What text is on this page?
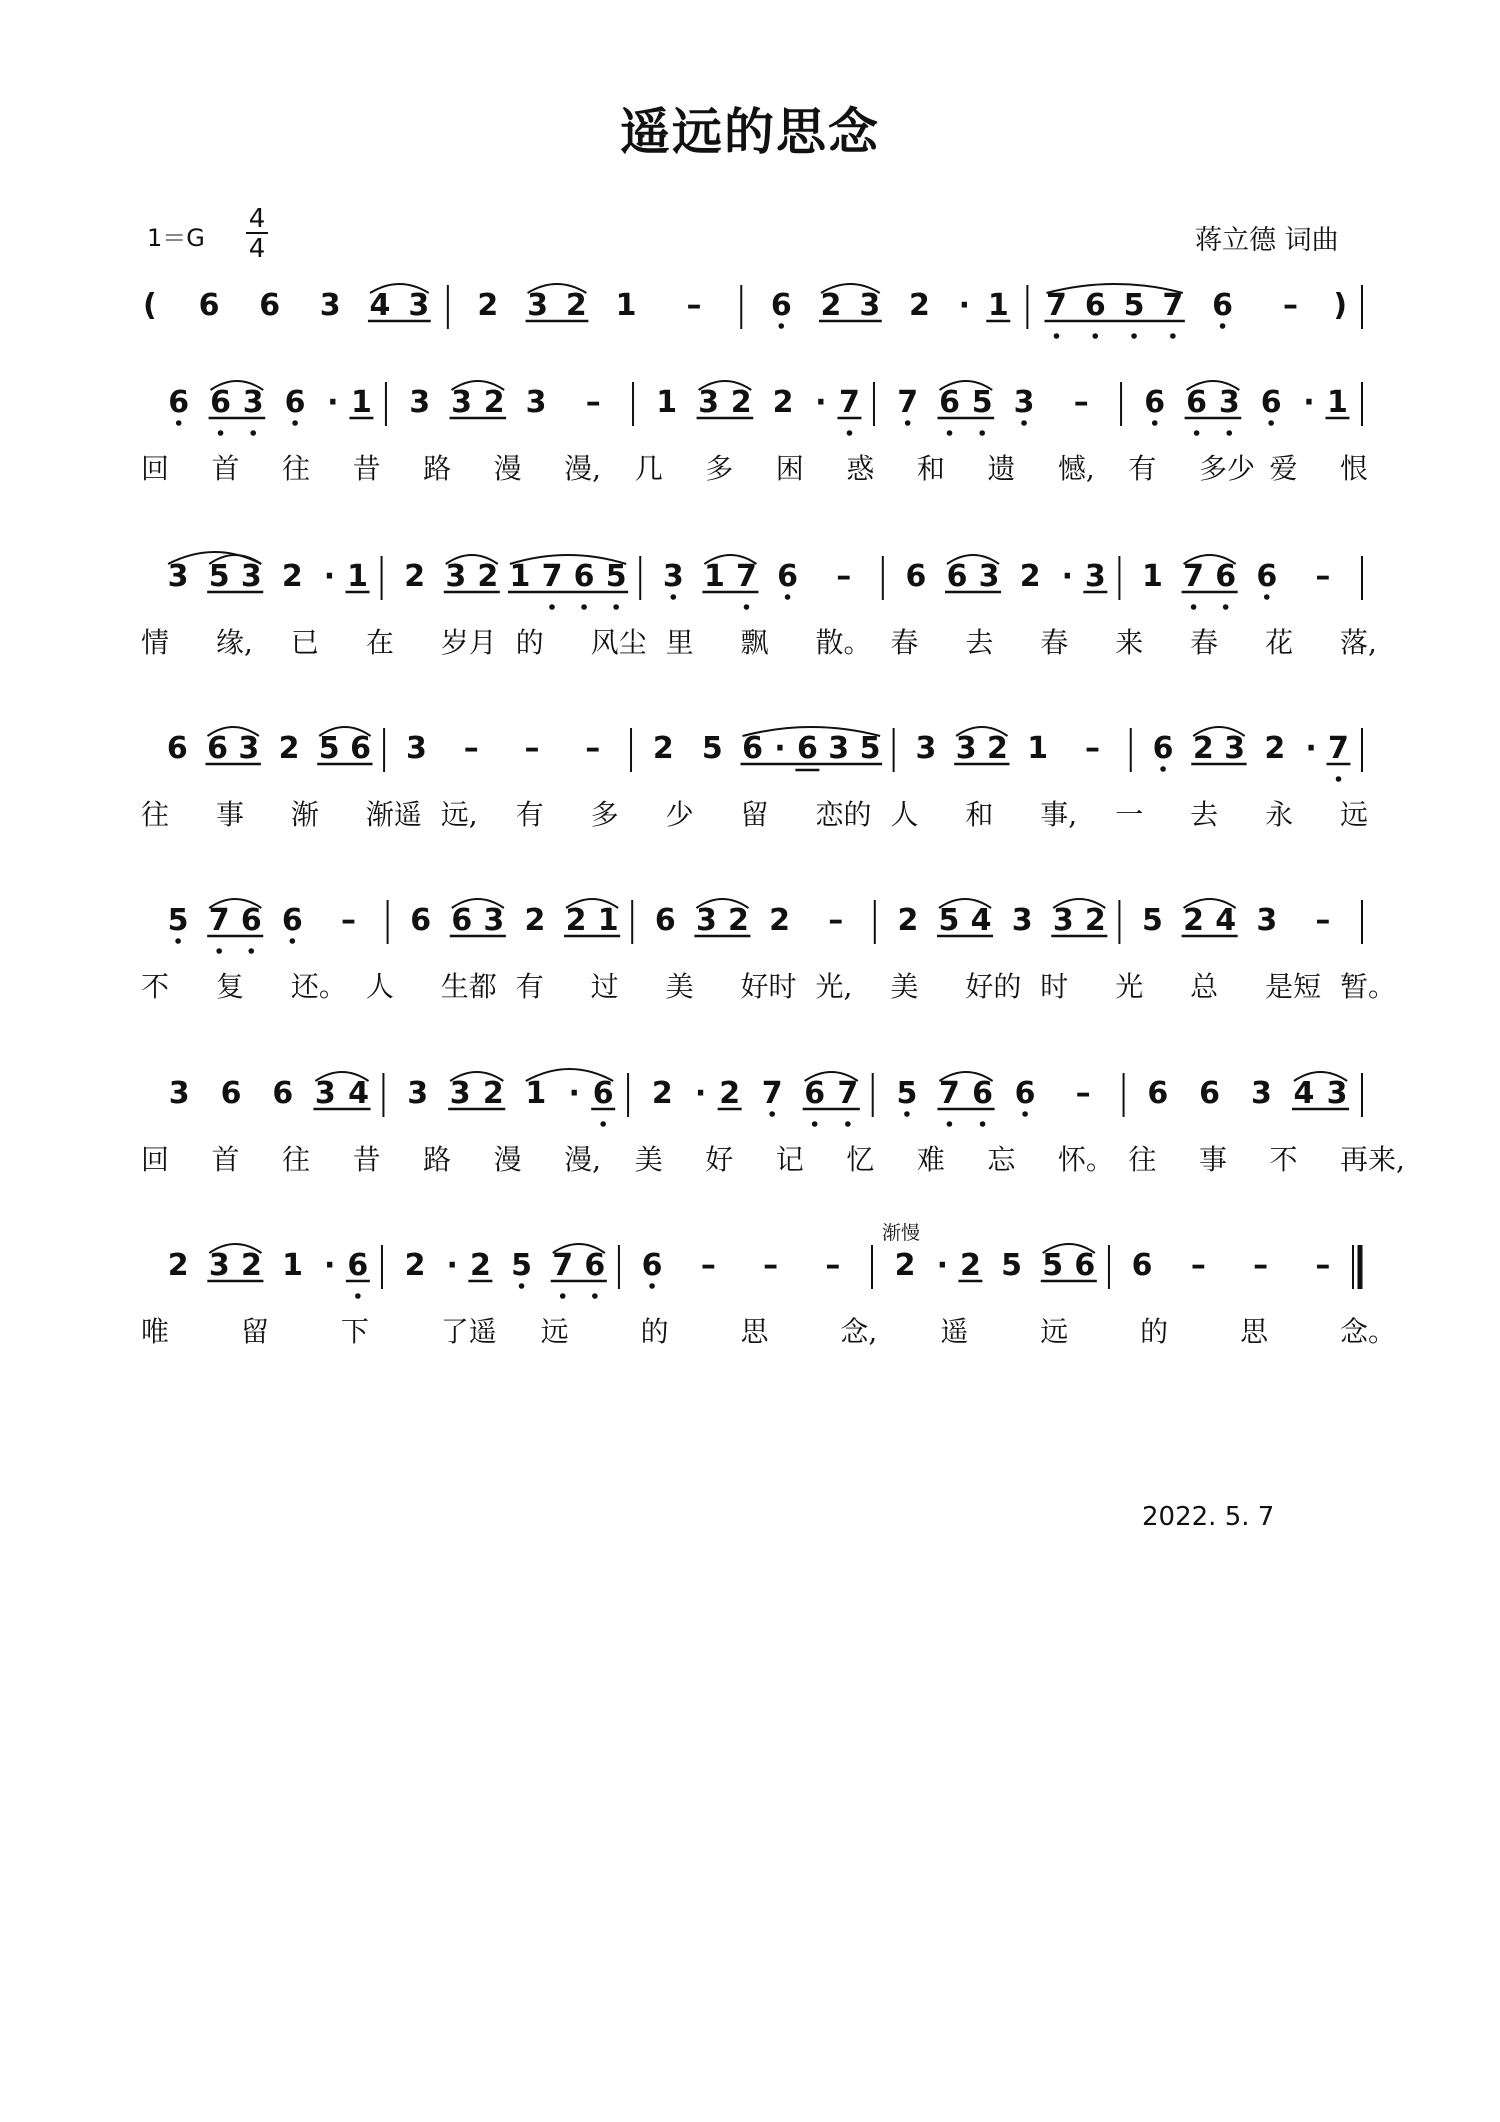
遥远的思念
1＝G
4
4	蒋立德 词曲
渐慢
2022. 5. 7
( 6 6 3 4 3 2 3 2 1 – 6 2 3 2 · 1 7 6 5 7 6 – )
6 6 3 6 · 1 3 3 2 3 – 1 3 2 2 · 7 7 6 5 3 – 6 6 3 6 · 1
回 首 往 昔 路 漫 漫, 几 多 困 惑 和 遗 憾, 有 多少 爱 恨
3 5 3 2 · 1 2 3 2 1 7 6 5 3 1 7 6 – 6 6 3 2 · 3 1 7 6 6 –
情 缘, 已 在 岁月 的 风尘 里 飘 散。 春 去 春 来 春 花 落,
6 6 3 2 5 6 3 – – – 2 5 6 · 6 3 5 3 3 2 1 – 6 2 3 2 · 7
往 事 渐 渐遥 远, 有 多 少 留 恋的 人 和 事, 一 去 永 远
5 7 6 6 – 6 6 3 2 2 1 6 3 2 2 – 2 5 4 3 3 2 5 2 4 3 –
不 复 还。 人 生都 有 过 美 好时 光, 美 好的 时 光 总 是短 暂。
3 6 6 3 4 3 3 2 1 · 6 2 · 2 7 6 7 5 7 6 6 – 6 6 3 4 3
回 首 往 昔 路 漫 漫, 美 好 记 忆 难 忘 怀。 往 事 不 再来,
2 3 2 1 · 6 2 · 2 5 7 6 6 – – – 2 · 2 5 5 6 6 – – –
唯	留	下	了遥 远	的	思	念, 遥	远	的	思	念。
